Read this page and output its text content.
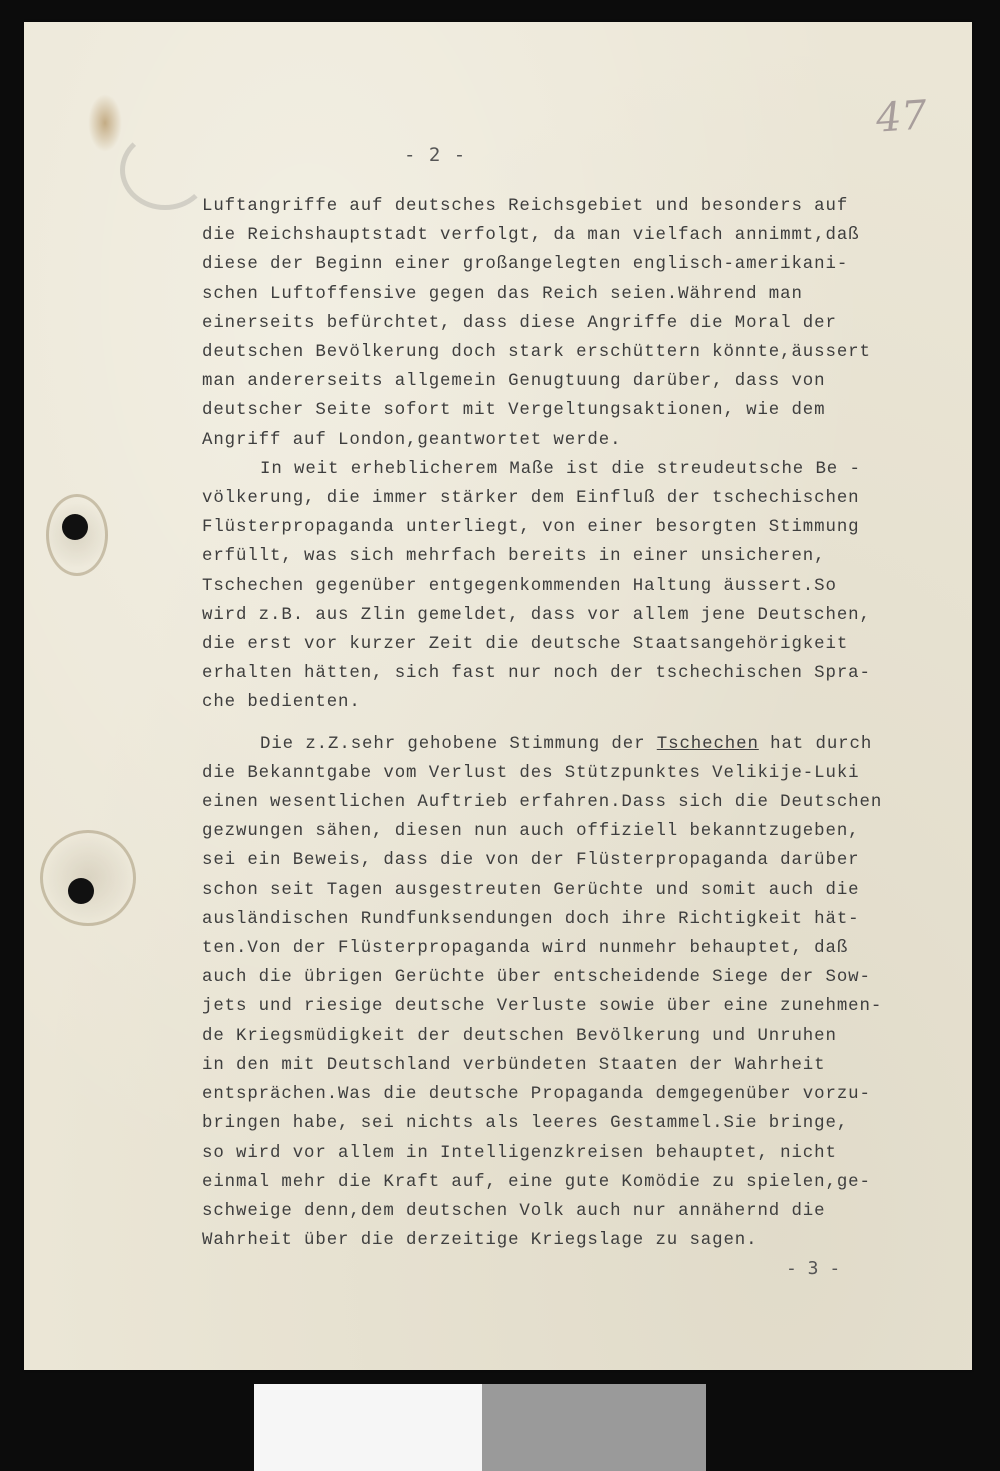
47
- 2 -
Luftangriffe auf deutsches Reichsgebiet und besonders auf
die Reichshauptstadt verfolgt, da man vielfach annimmt,daß
diese der Beginn einer großangelegten englisch-amerikani-
schen Luftoffensive gegen das Reich seien.Während man
einerseits befürchtet, dass diese Angriffe die Moral der
deutschen Bevölkerung doch stark erschüttern könnte,äussert
man andererseits allgemein Genugtuung darüber, dass von
deutscher Seite sofort mit Vergeltungsaktionen, wie dem
Angriff auf London,geantwortet werde.
In weit erheblicherem Maße ist die streudeutsche Be -
völkerung, die immer stärker dem Einfluß der tschechischen
Flüsterpropaganda unterliegt, von einer besorgten Stimmung
erfüllt, was sich mehrfach bereits in einer unsicheren,
Tschechen gegenüber entgegenkommenden Haltung äussert.So
wird z.B. aus Zlin gemeldet, dass vor allem jene Deutschen,
die erst vor kurzer Zeit die deutsche Staatsangehörigkeit
erhalten hätten, sich fast nur noch der tschechischen Spra-
che bedienten.
Die z.Z.sehr gehobene Stimmung der Tschechen hat durch
die Bekanntgabe vom Verlust des Stützpunktes Velikije-Luki
einen wesentlichen Auftrieb erfahren.Dass sich die Deutschen
gezwungen sähen, diesen nun auch offiziell bekanntzugeben,
sei ein Beweis, dass die von der Flüsterpropaganda darüber
schon seit Tagen ausgestreuten Gerüchte und somit auch die
ausländischen Rundfunksendungen doch ihre Richtigkeit hät-
ten.Von der Flüsterpropaganda wird nunmehr behauptet, daß
auch die übrigen Gerüchte über entscheidende Siege der Sow-
jets und riesige deutsche Verluste sowie über eine zunehmen-
de Kriegsmüdigkeit der deutschen Bevölkerung und Unruhen
in den mit Deutschland verbündeten Staaten der Wahrheit
entsprächen.Was die deutsche Propaganda demgegenüber vorzu-
bringen habe, sei nichts als leeres Gestammel.Sie bringe,
so wird vor allem in Intelligenzkreisen behauptet, nicht
einmal mehr die Kraft auf, eine gute Komödie zu spielen,ge-
schweige denn,dem deutschen Volk auch nur annähernd die
Wahrheit über die derzeitige Kriegslage zu sagen.
- 3 -
